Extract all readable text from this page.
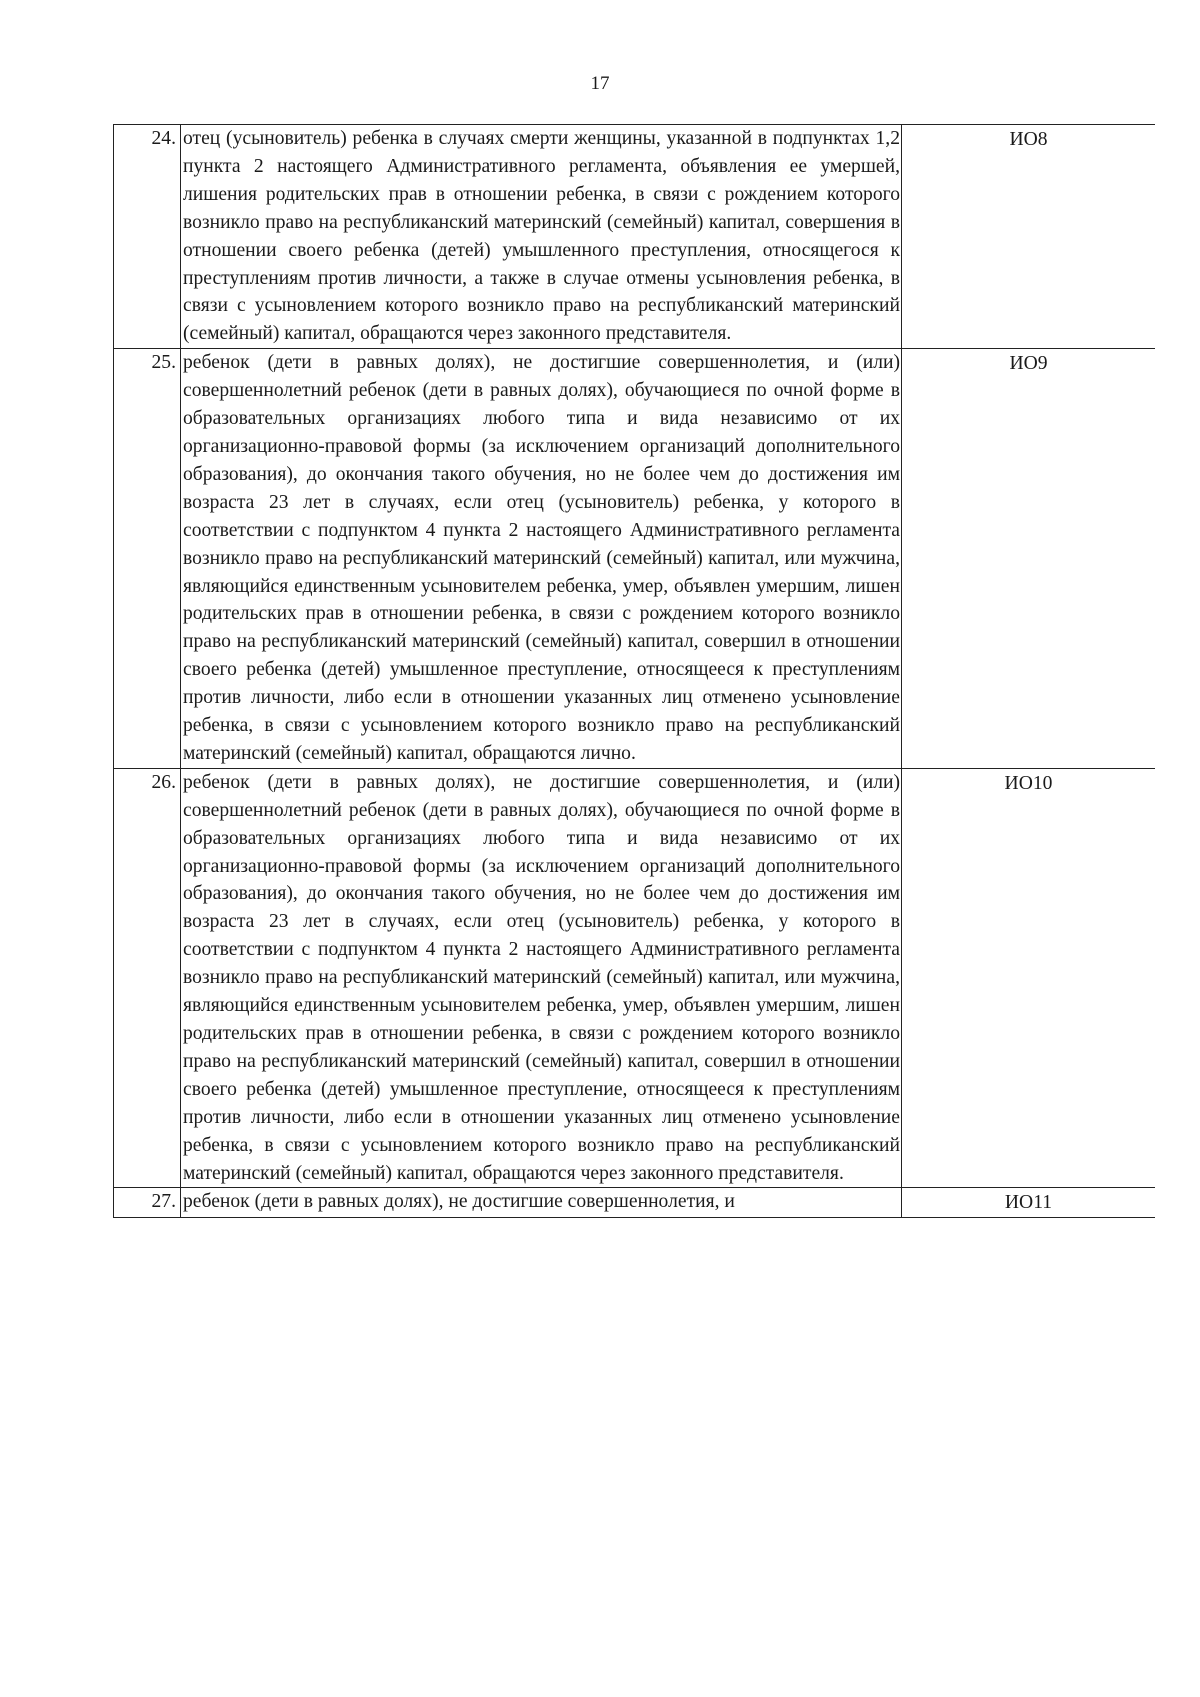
17
24.	отец (усыновитель) ребенка в случаях смерти женщины, указанной в подпунктах 1,2 пункта 2 настоящего Административного регламента, объявления ее умершей, лишения родительских прав в отношении ребенка, в связи с рождением которого возникло право на республиканский материнский (семейный) капитал, совершения в отношении своего ребенка (детей) умышленного преступления, относящегося к преступлениям против личности, а также в случае отмены усыновления ребенка, в связи с усыновлением которого возникло право на республиканский материнский (семейный) капитал, обращаются через законного представителя.	ИО8
25.	ребенок (дети в равных долях), не достигшие совершеннолетия, и (или) совершеннолетний ребенок (дети в равных долях), обучающиеся по очной форме в образовательных организациях любого типа и вида независимо от их организационно-правовой формы (за исключением организаций дополнительного образования), до окончания такого обучения, но не более чем до достижения им возраста 23 лет в случаях, если отец (усыновитель) ребенка, у которого в соответствии с подпунктом 4 пункта 2 настоящего Административного регламента возникло право на республиканский материнский (семейный) капитал, или мужчина, являющийся единственным усыновителем ребенка, умер, объявлен умершим, лишен родительских прав в отношении ребенка, в связи с рождением которого возникло право на республиканский материнский (семейный) капитал, совершил в отношении своего ребенка (детей) умышленное преступление, относящееся к преступлениям против личности, либо если в отношении указанных лиц отменено усыновление ребенка, в связи с усыновлением которого возникло право на республиканский материнский (семейный) капитал, обращаются лично.	ИО9
26.	ребенок (дети в равных долях), не достигшие совершеннолетия, и (или) совершеннолетний ребенок (дети в равных долях), обучающиеся по очной форме в образовательных организациях любого типа и вида независимо от их организационно-правовой формы (за исключением организаций дополнительного образования), до окончания такого обучения, но не более чем до достижения им возраста 23 лет в случаях, если отец (усыновитель) ребенка, у которого в соответствии с подпунктом 4 пункта 2 настоящего Административного регламента возникло право на республиканский материнский (семейный) капитал, или мужчина, являющийся единственным усыновителем ребенка, умер, объявлен умершим, лишен родительских прав в отношении ребенка, в связи с рождением которого возникло право на республиканский материнский (семейный) капитал, совершил в отношении своего ребенка (детей) умышленное преступление, относящееся к преступлениям против личности, либо если в отношении указанных лиц отменено усыновление ребенка, в связи с усыновлением которого возникло право на республиканский материнский (семейный) капитал, обращаются через законного представителя.	ИО10
27.	ребенок (дети в равных долях), не достигшие совершеннолетия, и	ИО11
